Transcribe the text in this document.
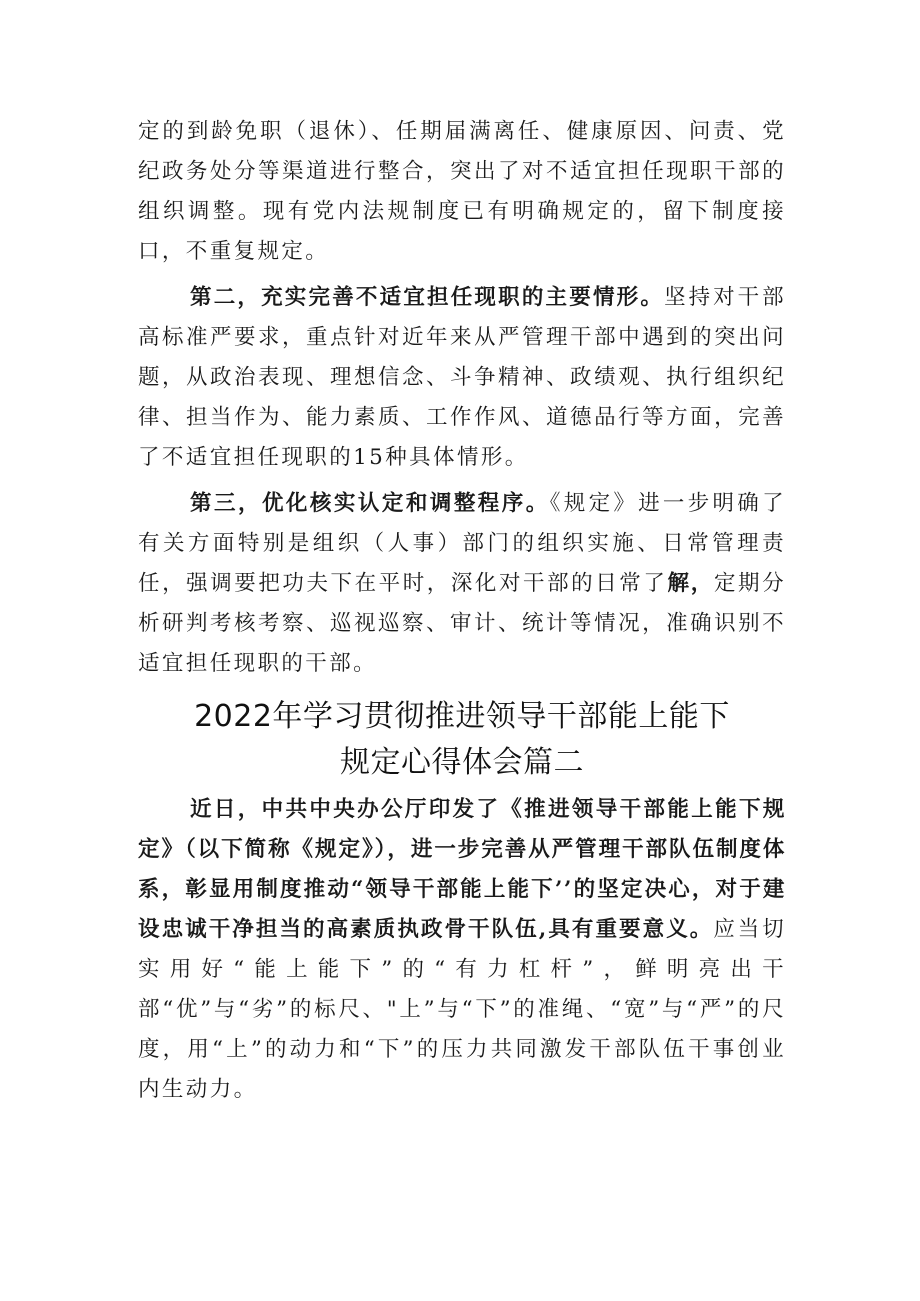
定的到龄免职（退休）、任期届满离任、健康原因、问责、党纪政务处分等渠道进行整合，突出了对不适宜担任现职干部的组织调整。现有党内法规制度已有明确规定的，留下制度接口，不重复规定。

第二，充实完善不适宜担任现职的主要情形。坚持对干部高标准严要求，重点针对近年来从严管理干部中遇到的突出问题，从政治表现、理想信念、斗争精神、政绩观、执行组织纪律、担当作为、能力素质、工作作风、道德品行等方面，完善了不适宜担任现职的15种具体情形。

第三，优化核实认定和调整程序。《规定》进一步明确了有关方面特别是组织（人事）部门的组织实施、日常管理责任，强调要把功夫下在平时，深化对干部的日常了解，定期分析研判考核考察、巡视巡察、审计、统计等情况，准确识别不适宜担任现职的干部。

2022年学习贯彻推进领导干部能上能下
规定心得体会篇二

近日，中共中央办公厅印发了《推进领导干部能上能下规定》（以下简称《规定》），进一步完善从严管理干部队伍制度体系，彰显用制度推动“领导干部能上能下’’的坚定决心，对于建设忠诚干净担当的高素质执政骨干队伍,具有重要意义。应当切实用好“能上能下”的“有力杠杆”，鲜明亮出干部“优”与“劣”的标尺、"上”与“下”的准绳、“宽”与“严”的尺度，用“上”的动力和“下”的压力共同激发干部队伍干事创业内生动力。
